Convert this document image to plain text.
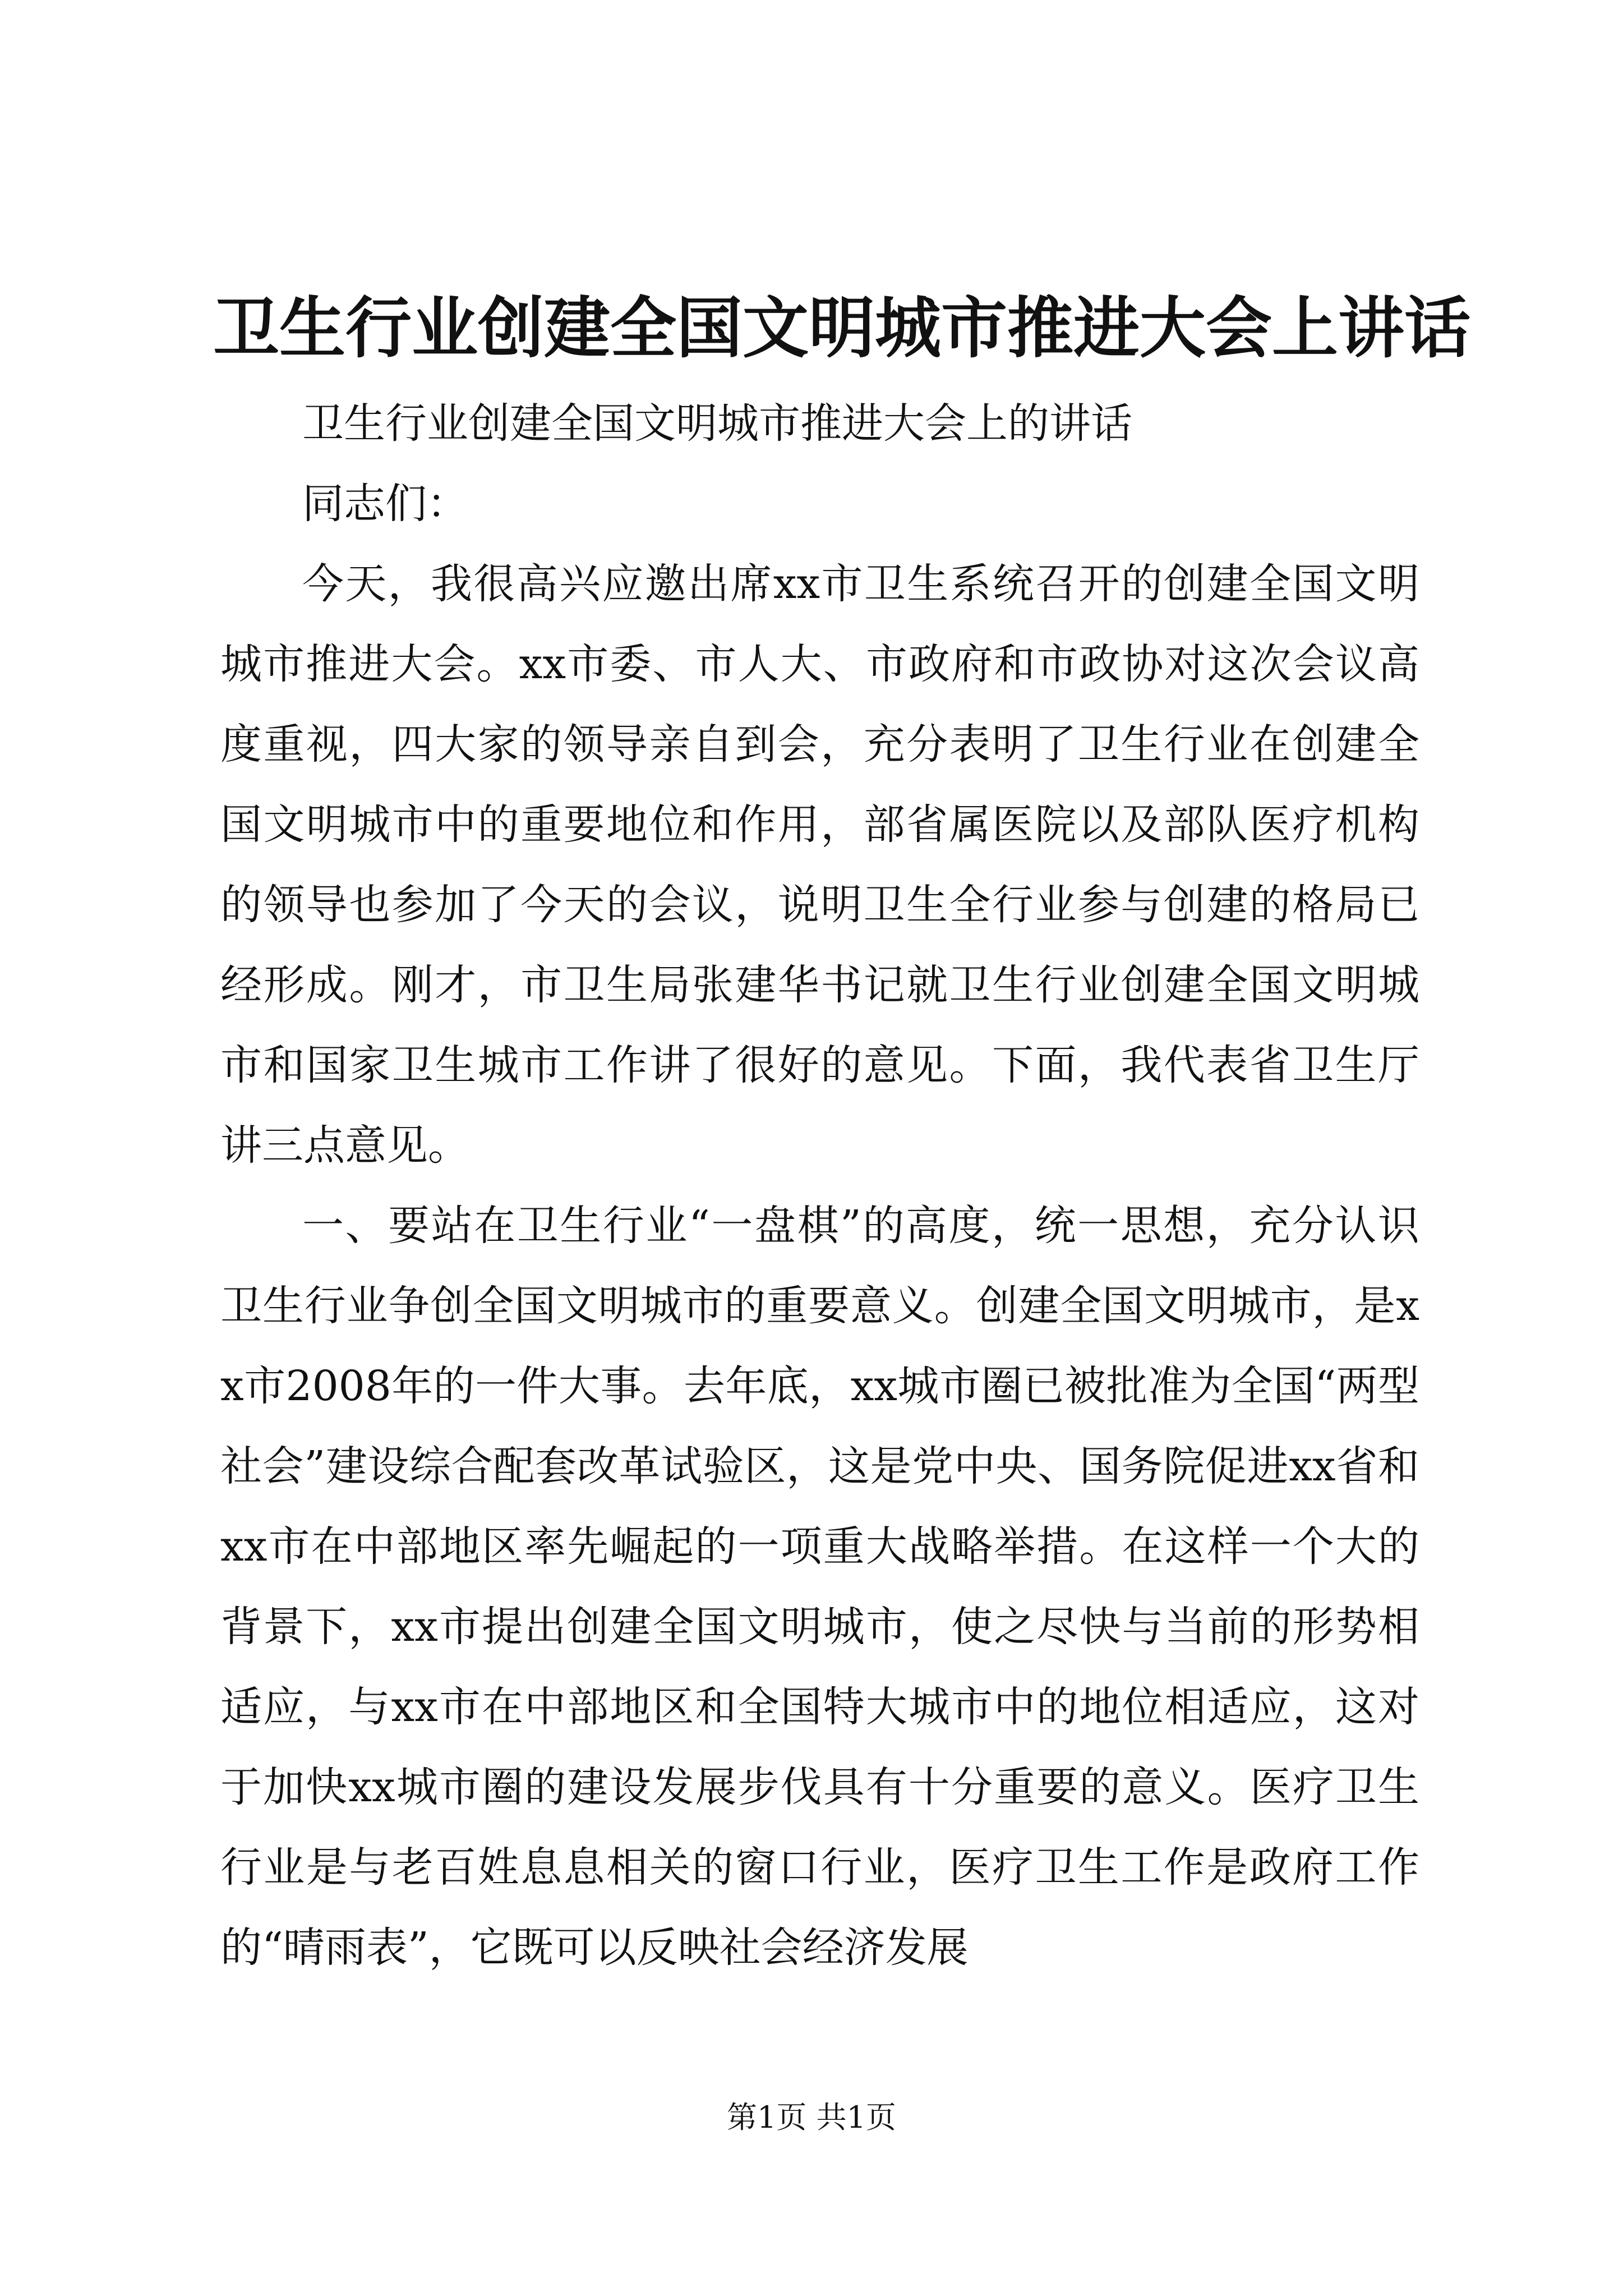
卫生行业创建全国文明城市推进大会上讲话

卫生行业创建全国文明城市推进大会上的讲话

同志们：

今天，我很高兴应邀出席xx市卫生系统召开的创建全国文明城市推进大会。xx市委、市人大、市政府和市政协对这次会议高度重视，四大家的领导亲自到会，充分表明了卫生行业在创建全国文明城市中的重要地位和作用，部省属医院以及部队医疗机构的领导也参加了今天的会议，说明卫生全行业参与创建的格局已经形成。刚才，市卫生局张建华书记就卫生行业创建全国文明城市和国家卫生城市工作讲了很好的意见。下面，我代表省卫生厅讲三点意见。

一、要站在卫生行业“一盘棋”的高度，统一思想，充分认识卫生行业争创全国文明城市的重要意义。创建全国文明城市，是xx市2008年的一件大事。去年底，xx城市圈已被批准为全国“两型社会”建设综合配套改革试验区，这是党中央、国务院促进xx省和xx市在中部地区率先崛起的一项重大战略举措。在这样一个大的背景下，xx市提出创建全国文明城市，使之尽快与当前的形势相适应，与xx市在中部地区和全国特大城市中的地位相适应，这对于加快xx城市圈的建设发展步伐具有十分重要的意义。医疗卫生行业是与老百姓息息相关的窗口行业，医疗卫生工作是政府工作的“晴雨表”，它既可以反映社会经济发展

第1页 共1页
